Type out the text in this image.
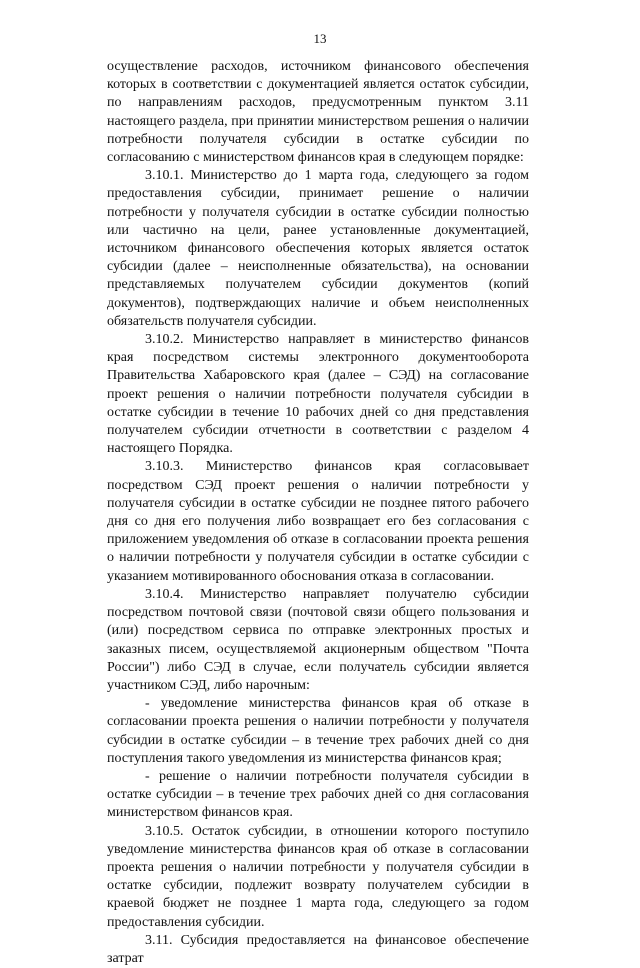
13

осуществление расходов, источником финансового обеспечения которых в соответствии с документацией является остаток субсидии, по направлениям расходов, предусмотренным пунктом 3.11 настоящего раздела, при принятии министерством решения о наличии потребности получателя субсидии в остатке субсидии по согласованию с министерством финансов края в следующем порядке:

3.10.1. Министерство до 1 марта года, следующего за годом предоставления субсидии, принимает решение о наличии потребности у получателя субсидии в остатке субсидии полностью или частично на цели, ранее установленные документацией, источником финансового обеспечения которых является остаток субсидии (далее – неисполненные обязательства), на основании представляемых получателем субсидии документов (копий документов), подтверждающих наличие и объем неисполненных обязательств получателя субсидии.

3.10.2. Министерство направляет в министерство финансов края посредством системы электронного документооборота Правительства Хабаровского края (далее – СЭД) на согласование проект решения о наличии потребности получателя субсидии в остатке субсидии в течение 10 рабочих дней со дня представления получателем субсидии отчетности в соответствии с разделом 4 настоящего Порядка.

3.10.3. Министерство финансов края согласовывает посредством СЭД проект решения о наличии потребности у получателя субсидии в остатке субсидии не позднее пятого рабочего дня со дня его получения либо возвращает его без согласования с приложением уведомления об отказе в согласовании проекта решения о наличии потребности у получателя субсидии в остатке субсидии с указанием мотивированного обоснования отказа в согласовании.

3.10.4. Министерство направляет получателю субсидии посредством почтовой связи (почтовой связи общего пользования и (или) посредством сервиса по отправке электронных простых и заказных писем, осуществляемой акционерным обществом "Почта России") либо СЭД в случае, если получатель субсидии является участником СЭД, либо нарочным:

- уведомление министерства финансов края об отказе в согласовании проекта решения о наличии потребности у получателя субсидии в остатке субсидии – в течение трех рабочих дней со дня поступления такого уведомления из министерства финансов края;

- решение о наличии потребности получателя субсидии в остатке субсидии – в течение трех рабочих дней со дня согласования министерством финансов края.

3.10.5. Остаток субсидии, в отношении которого поступило уведомление министерства финансов края об отказе в согласовании проекта решения о наличии потребности у получателя субсидии в остатке субсидии, подлежит возврату получателем субсидии в краевой бюджет не позднее 1 марта года, следующего за годом предоставления субсидии.

3.11. Субсидия предоставляется на финансовое обеспечение затрат
